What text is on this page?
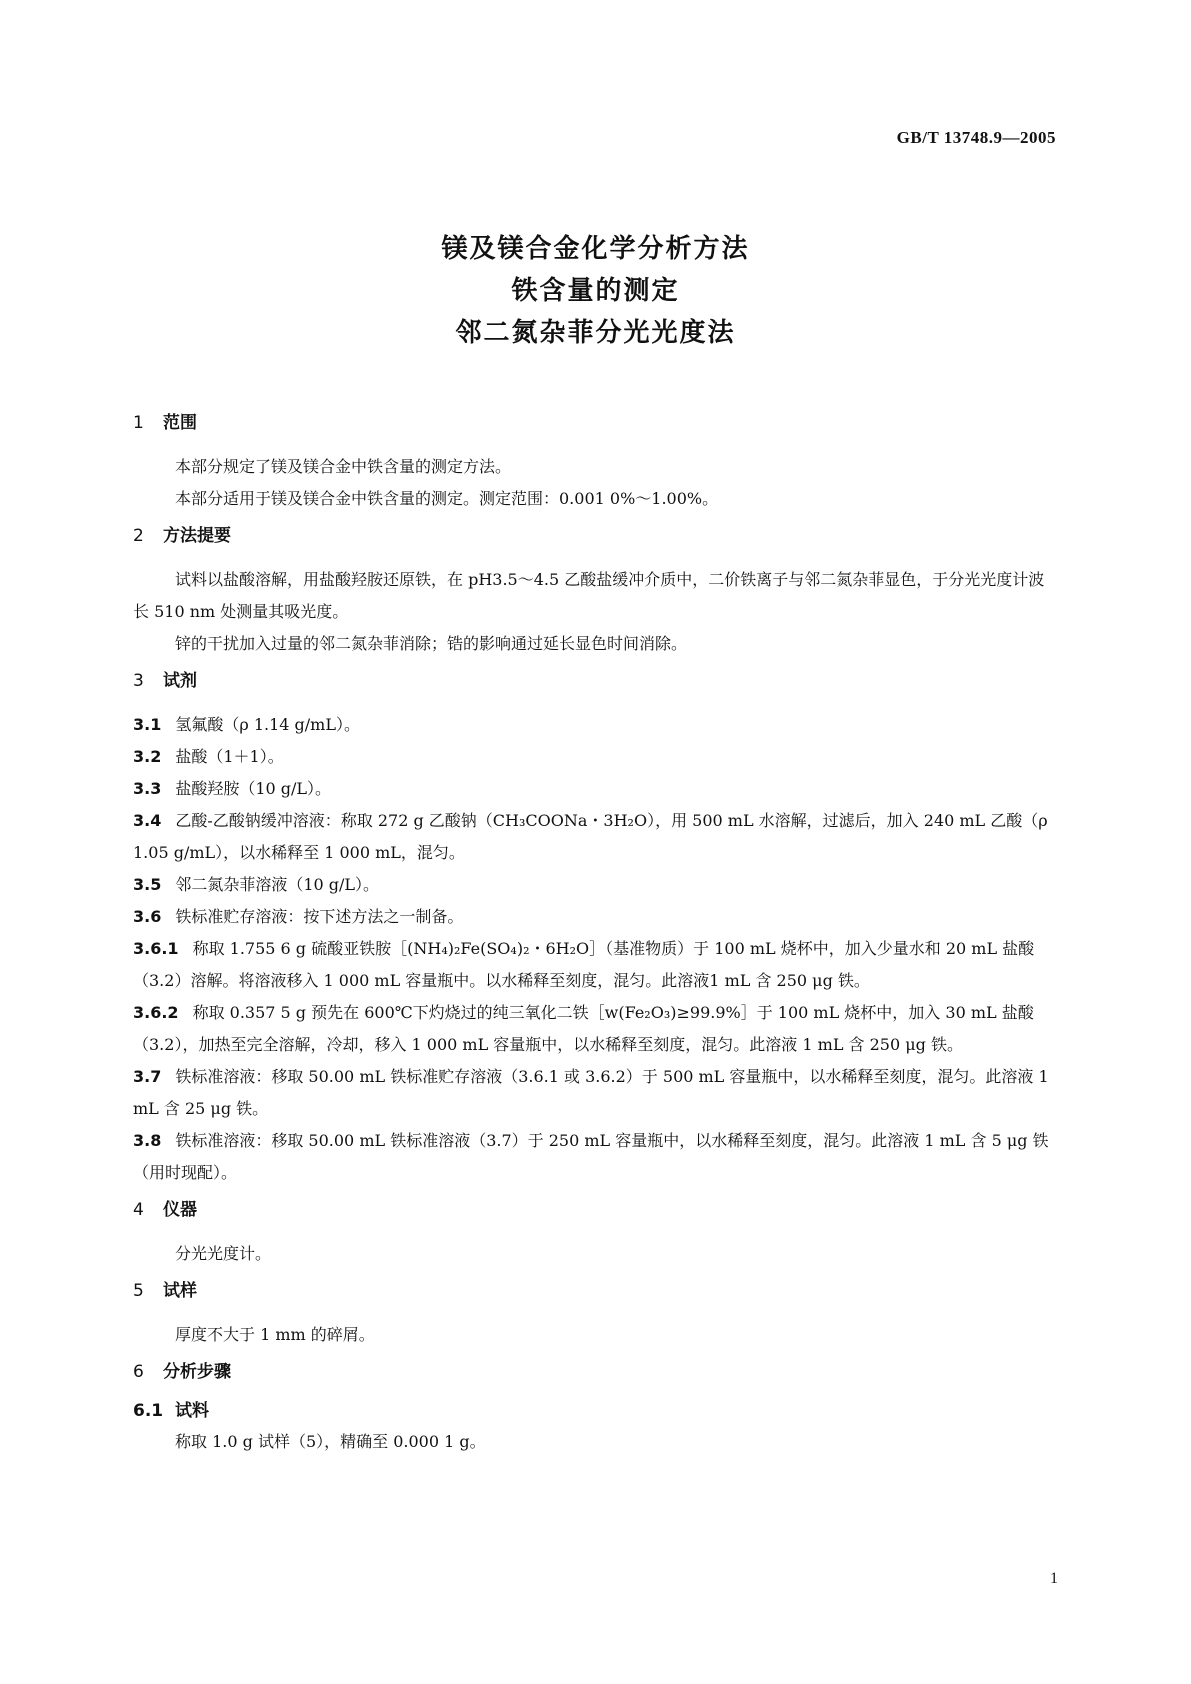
GB/T 13748.9—2005
镁及镁合金化学分析方法
铁含量的测定
邻二氮杂菲分光光度法
1 范围
本部分规定了镁及镁合金中铁含量的测定方法。
本部分适用于镁及镁合金中铁含量的测定。测定范围：0.001 0%～1.00%。
2 方法提要
试料以盐酸溶解，用盐酸羟胺还原铁，在 pH3.5～4.5 乙酸盐缓冲介质中，二价铁离子与邻二氮杂菲显色，于分光光度计波长 510 nm 处测量其吸光度。
锌的干扰加入过量的邻二氮杂菲消除；锆的影响通过延长显色时间消除。
3 试剂
3.1 氢氟酸（ρ 1.14 g/mL）。
3.2 盐酸（1＋1）。
3.3 盐酸羟胺（10 g/L）。
3.4 乙酸-乙酸钠缓冲溶液：称取 272 g 乙酸钠（CH₃COONa・3H₂O），用 500 mL 水溶解，过滤后，加入 240 mL 乙酸（ρ 1.05 g/mL），以水稀释至 1 000 mL，混匀。
3.5 邻二氮杂菲溶液（10 g/L）。
3.6 铁标准贮存溶液：按下述方法之一制备。
3.6.1 称取 1.755 6 g 硫酸亚铁胺［(NH₄)₂Fe(SO₄)₂・6H₂O］（基准物质）于 100 mL 烧杯中，加入少量水和 20 mL 盐酸（3.2）溶解。将溶液移入 1 000 mL 容量瓶中。以水稀释至刻度，混匀。此溶液1 mL 含 250 μg 铁。
3.6.2 称取 0.357 5 g 预先在 600℃下灼烧过的纯三氧化二铁［w(Fe₂O₃)≥99.9%］于 100 mL 烧杯中，加入 30 mL 盐酸（3.2），加热至完全溶解，冷却，移入 1 000 mL 容量瓶中，以水稀释至刻度，混匀。此溶液 1 mL 含 250 μg 铁。
3.7 铁标准溶液：移取 50.00 mL 铁标准贮存溶液（3.6.1 或 3.6.2）于 500 mL 容量瓶中，以水稀释至刻度，混匀。此溶液 1 mL 含 25 μg 铁。
3.8 铁标准溶液：移取 50.00 mL 铁标准溶液（3.7）于 250 mL 容量瓶中，以水稀释至刻度，混匀。此溶液 1 mL 含 5 μg 铁（用时现配）。
4 仪器
分光光度计。
5 试样
厚度不大于 1 mm 的碎屑。
6 分析步骤
6.1 试料
称取 1.0 g 试样（5），精确至 0.000 1 g。
1
